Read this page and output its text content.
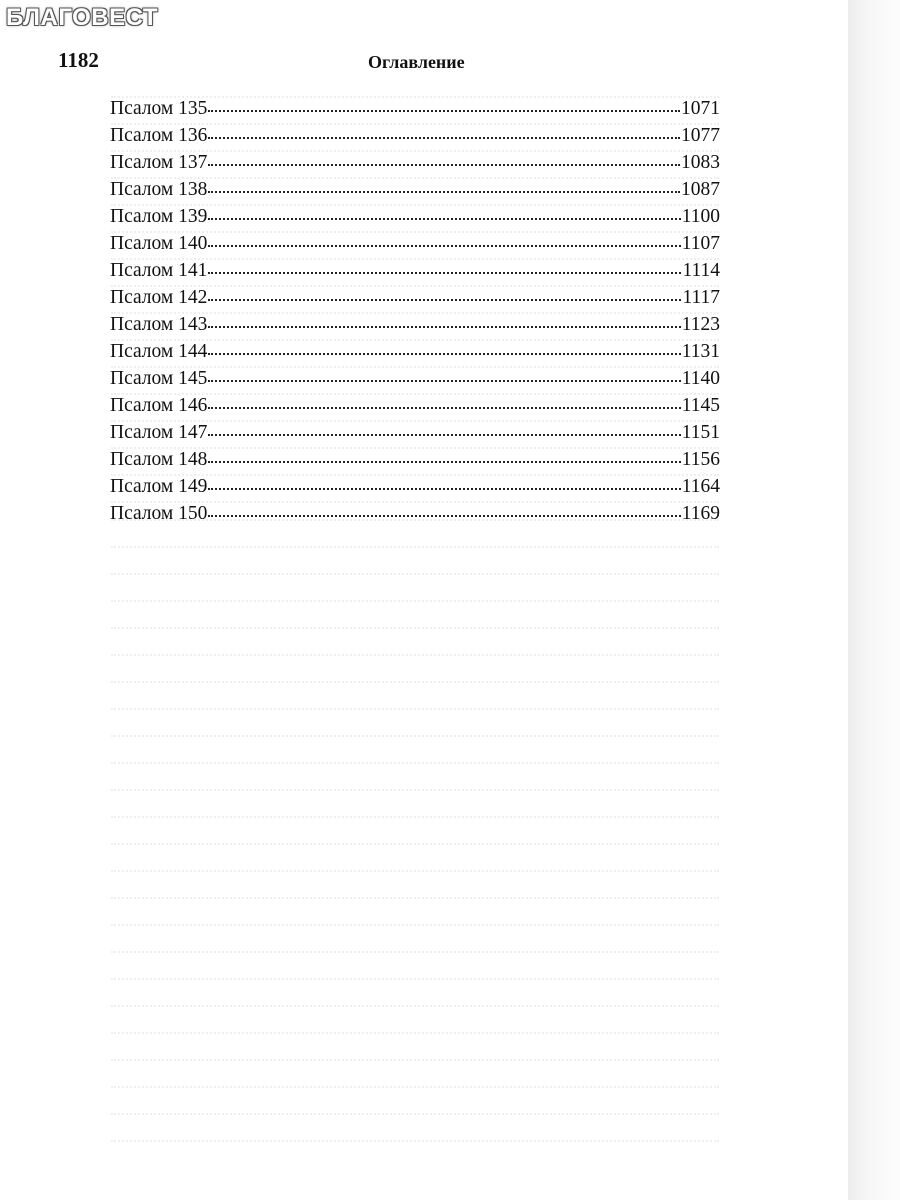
БЛАГОВЕСТ
1182	Оглавление
Псалом 135	1071
Псалом 136	1077
Псалом 137	1083
Псалом 138	1087
Псалом 139	1100
Псалом 140	1107
Псалом 141	1114
Псалом 142	1117
Псалом 143	1123
Псалом 144	1131
Псалом 145	1140
Псалом 146	1145
Псалом 147	1151
Псалом 148	1156
Псалом 149	1164
Псалом 150	1169
